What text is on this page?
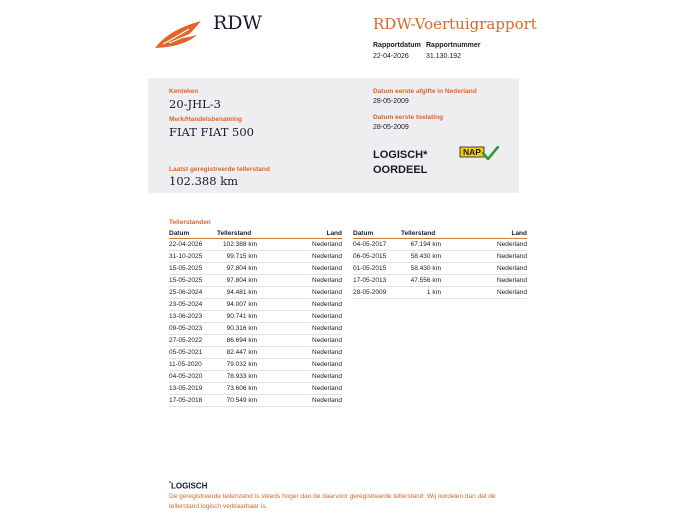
RDW	RDW-Voertuigrapport
Rapportdatum
22-04-2026
Rapportnummer
31.130.192
Kenteken
20-JHL-3
Merk/Handelsbenaming
FIAT FIAT 500
Laatst geregistreerde tellerstand
102.388 km
Datum eerste afgifte in Nederland
28-05-2009
Datum eerste toelating
28-05-2009
LOGISCH*
OORDEEL
NAP
Tellerstanden
Datum	Tellerstand	Land
22-04-2026	102.388 km	Nederland
31-10-2025	99.715 km	Nederland
15-05-2025	97.804 km	Nederland
15-05-2025	97.804 km	Nederland
25-06-2024	94.481 km	Nederland
23-05-2024	94.007 km	Nederland
13-06-2023	90.741 km	Nederland
09-05-2023	90.316 km	Nederland
27-05-2022	86.694 km	Nederland
05-05-2021	82.447 km	Nederland
11-05-2020	79.032 km	Nederland
04-05-2020	78.933 km	Nederland
13-05-2019	73.606 km	Nederland
17-05-2018	70.549 km	Nederland
Datum	Tellerstand	Land
04-05-2017	67.194 km	Nederland
06-05-2015	58.430 km	Nederland
01-05-2015	58.430 km	Nederland
17-05-2013	47.556 km	Nederland
28-05-2009	1 km	Nederland
*LOGISCH
De geregistreerde tellerstand is steeds hoger dan de daarvoor geregistreerde tellerstand. Wij oordelen dan dat de tellerstand logisch verklaarbaar is.
